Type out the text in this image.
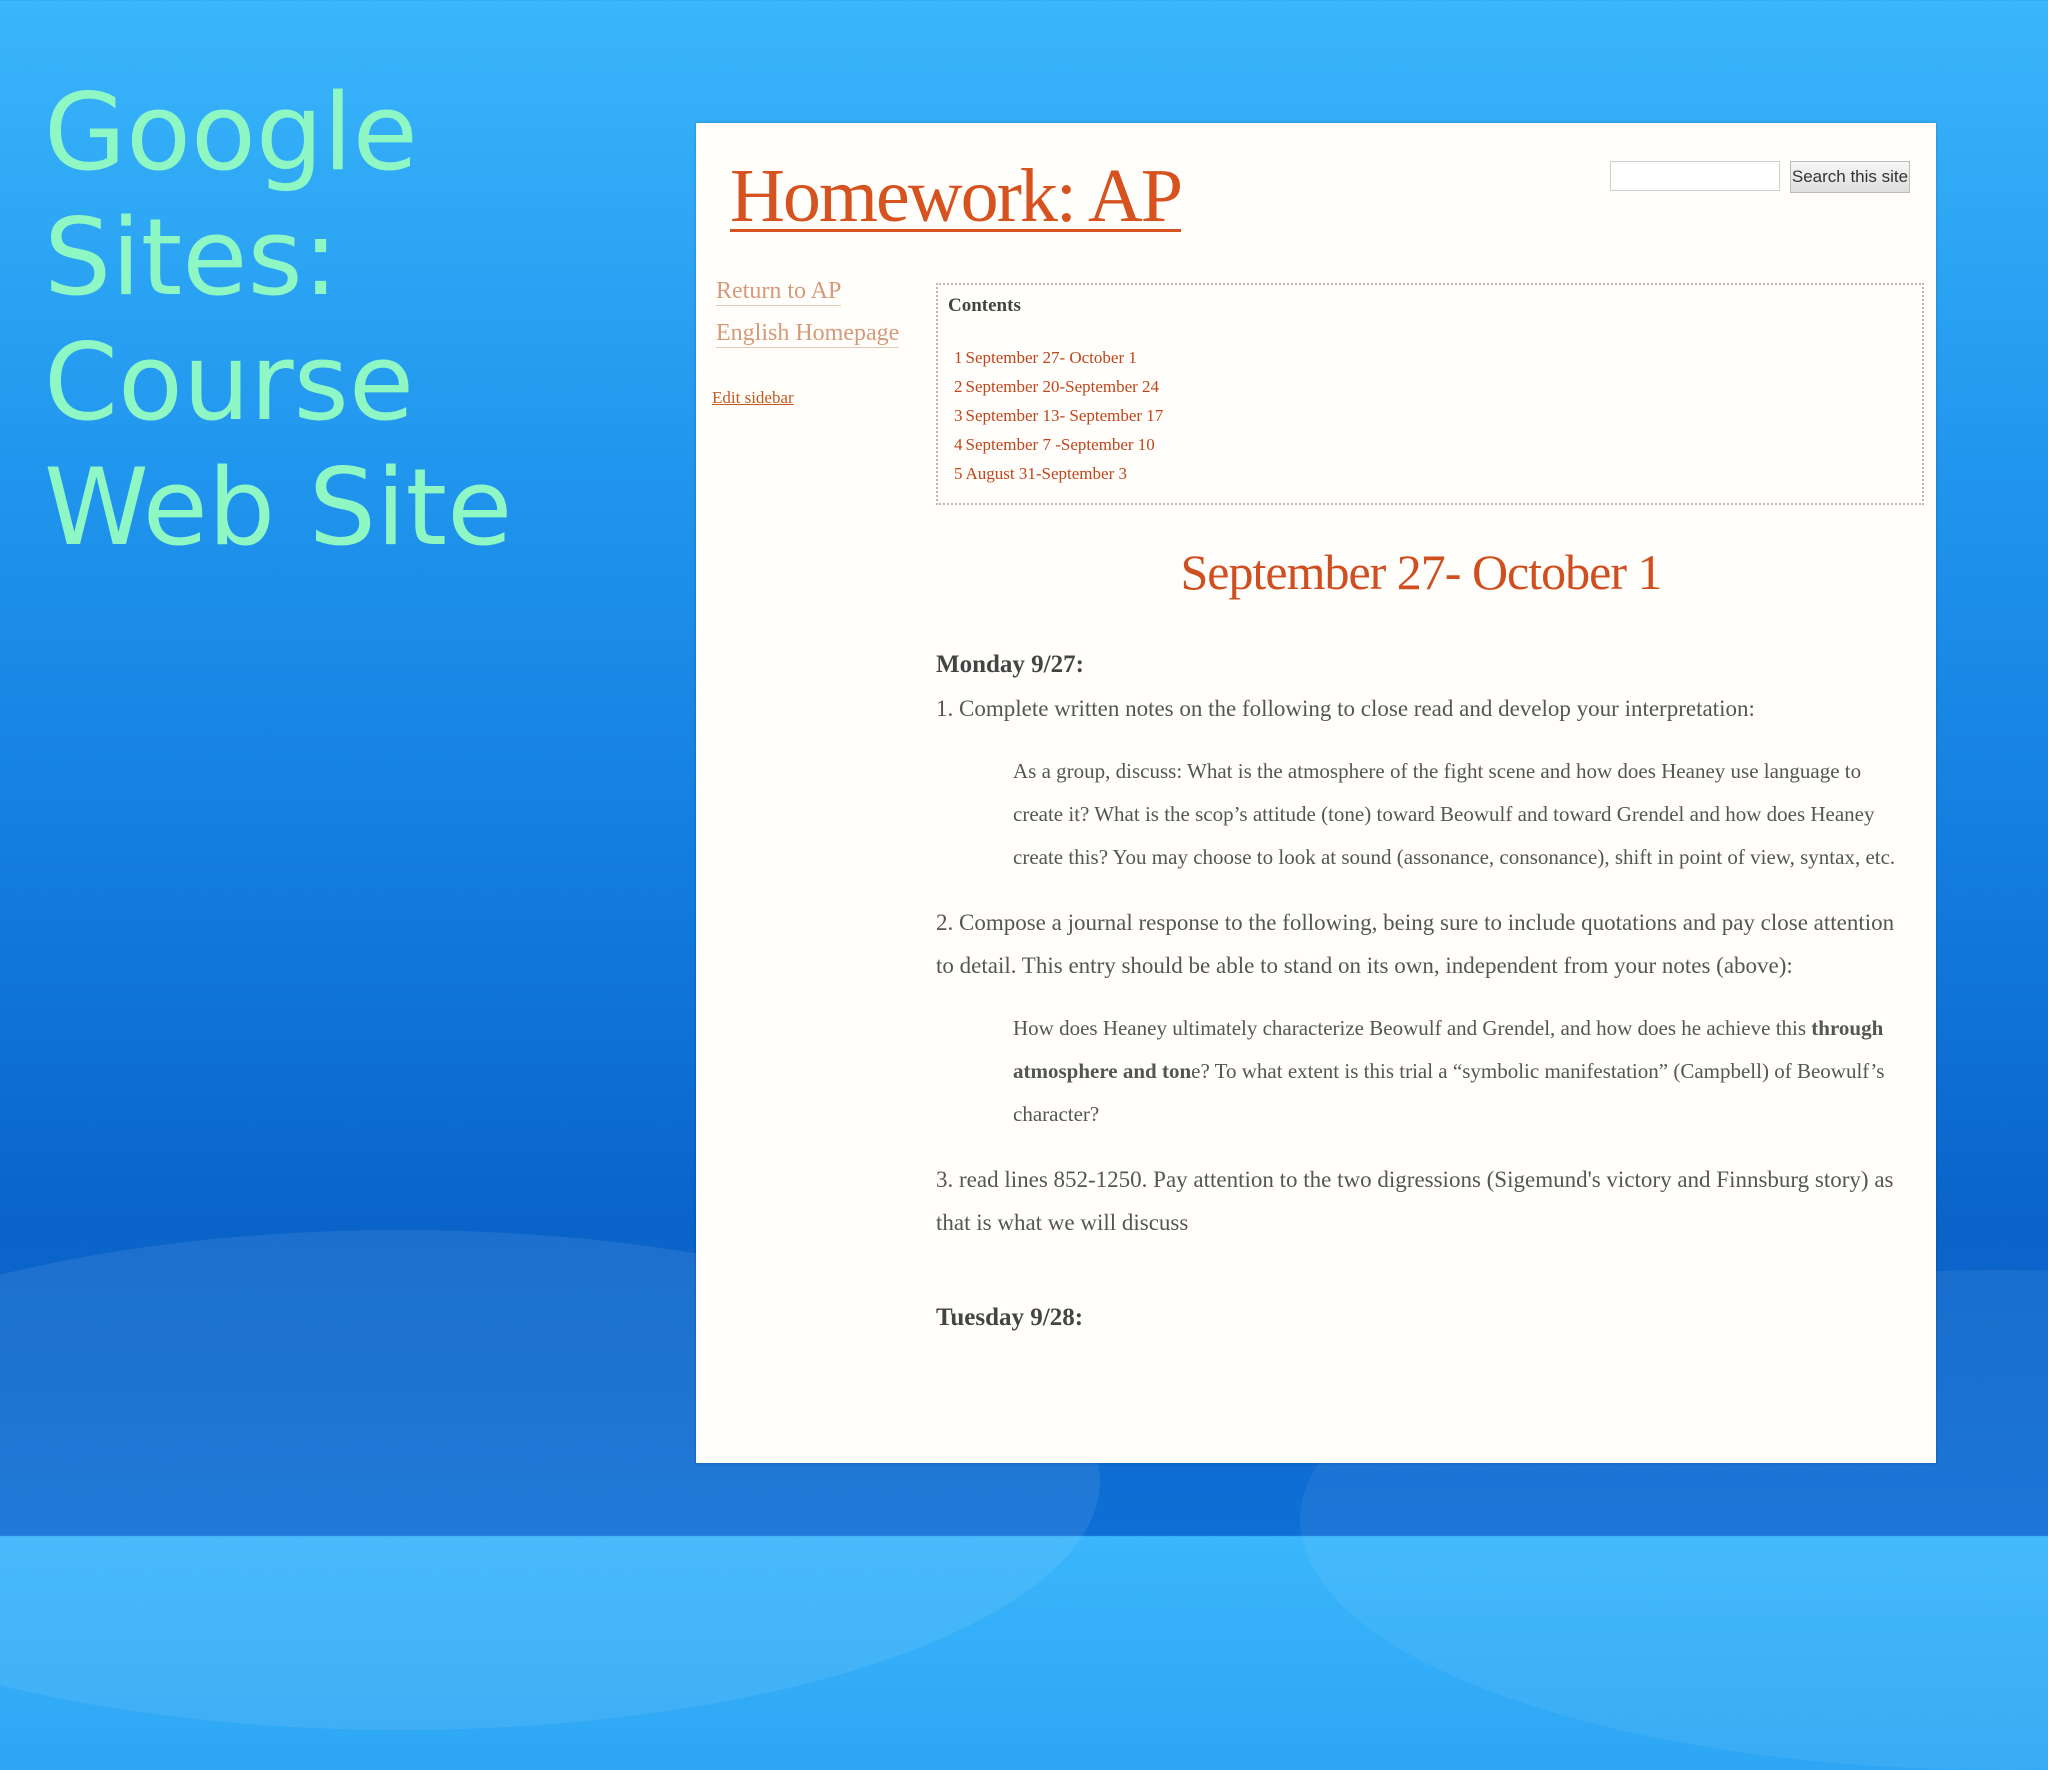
Google
Sites:
Course
Web Site
Homework: AP	Search this site
Return to AP
English Homepage
Edit sidebar

Contents

1 September 27- October 1
2 September 20-September 24
3 September 13- September 17
4 September 7 -September 10
5 August 31-September 3
September 27- October 1

Monday 9/27:

1. Complete written notes on the following to close read and develop your interpretation:

As a group, discuss: What is the atmosphere of the fight scene and how does Heaney use language to create it? What is the scop’s attitude (tone) toward Beowulf and toward Grendel and how does Heaney create this? You may choose to look at sound (assonance, consonance), shift in point of view, syntax, etc.

2. Compose a journal response to the following, being sure to include quotations and pay close attention to detail. This entry should be able to stand on its own, independent from your notes (above):

How does Heaney ultimately characterize Beowulf and Grendel, and how does he achieve this through atmosphere and tone? To what extent is this trial a “symbolic manifestation” (Campbell) of Beowulf’s character?

3. read lines 852-1250. Pay attention to the two digressions (Sigemund's victory and Finnsburg story) as that is what we will discuss

Tuesday 9/28:
